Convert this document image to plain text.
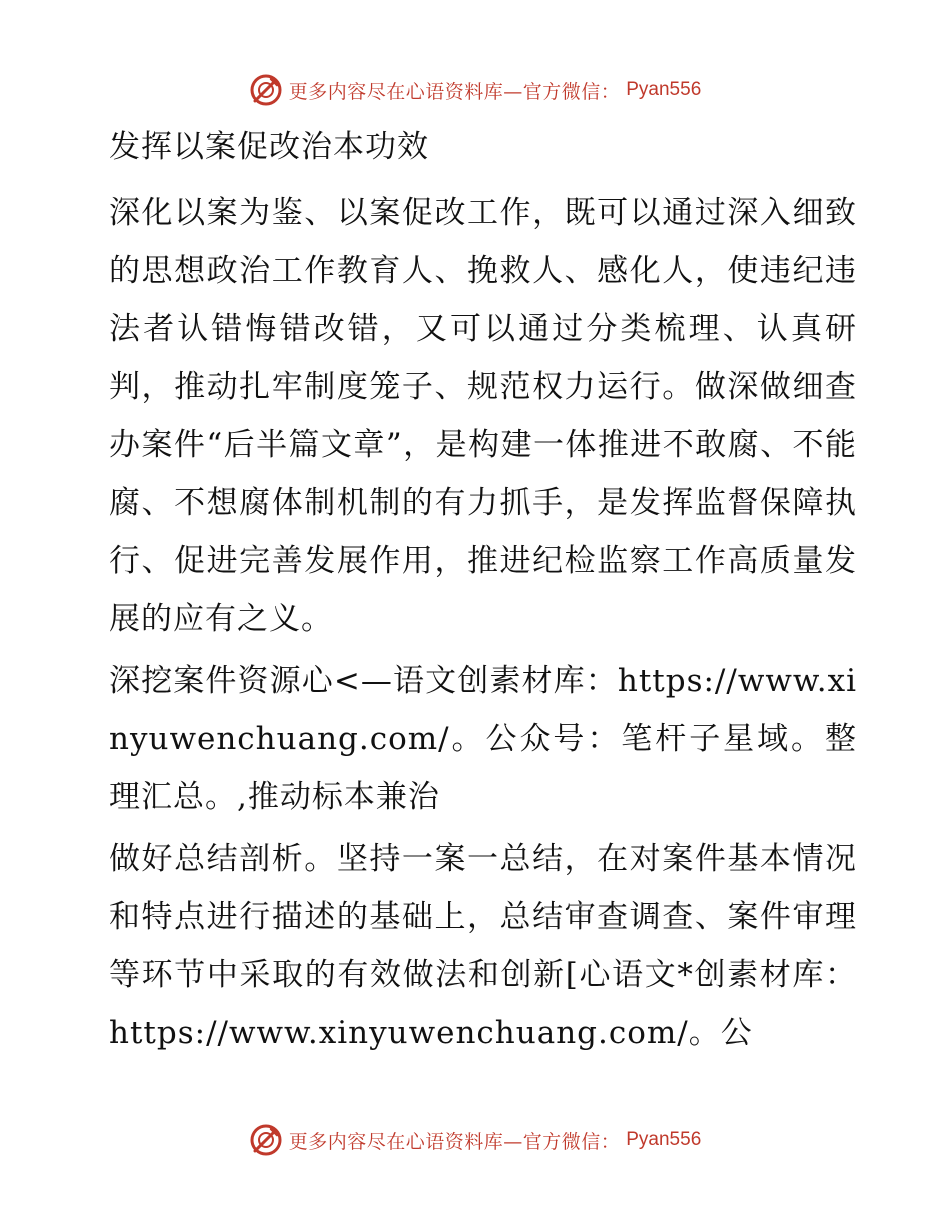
更多内容尽在心语资料库—官方微信： Pyan556
发挥以案促改治本功效

深化以案为鉴、以案促改工作，既可以通过深入细致的思想政治工作教育人、挽救人、感化人，使违纪违法者认错悔错改错，又可以通过分类梳理、认真研判，推动扎牢制度笼子、规范权力运行。做深做细查办案件“后半篇文章”，是构建一体推进不敢腐、不能腐、不想腐体制机制的有力抓手，是发挥监督保障执行、促进完善发展作用，推进纪检监察工作高质量发展的应有之义。

深挖案件资源心<—语文创素材库：https://www.xinyuwenchuang.com/。公众号：笔杆子星域。整理汇总。,推动标本兼治

做好总结剖析。坚持一案一总结，在对案件基本情况和特点进行描述的基础上，总结审查调查、案件审理等环节中采取的有效做法和创新[心语文*创素材库：https://www.xinyuwenchuang.com/。公

更多内容尽在心语资料库—官方微信： Pyan556
